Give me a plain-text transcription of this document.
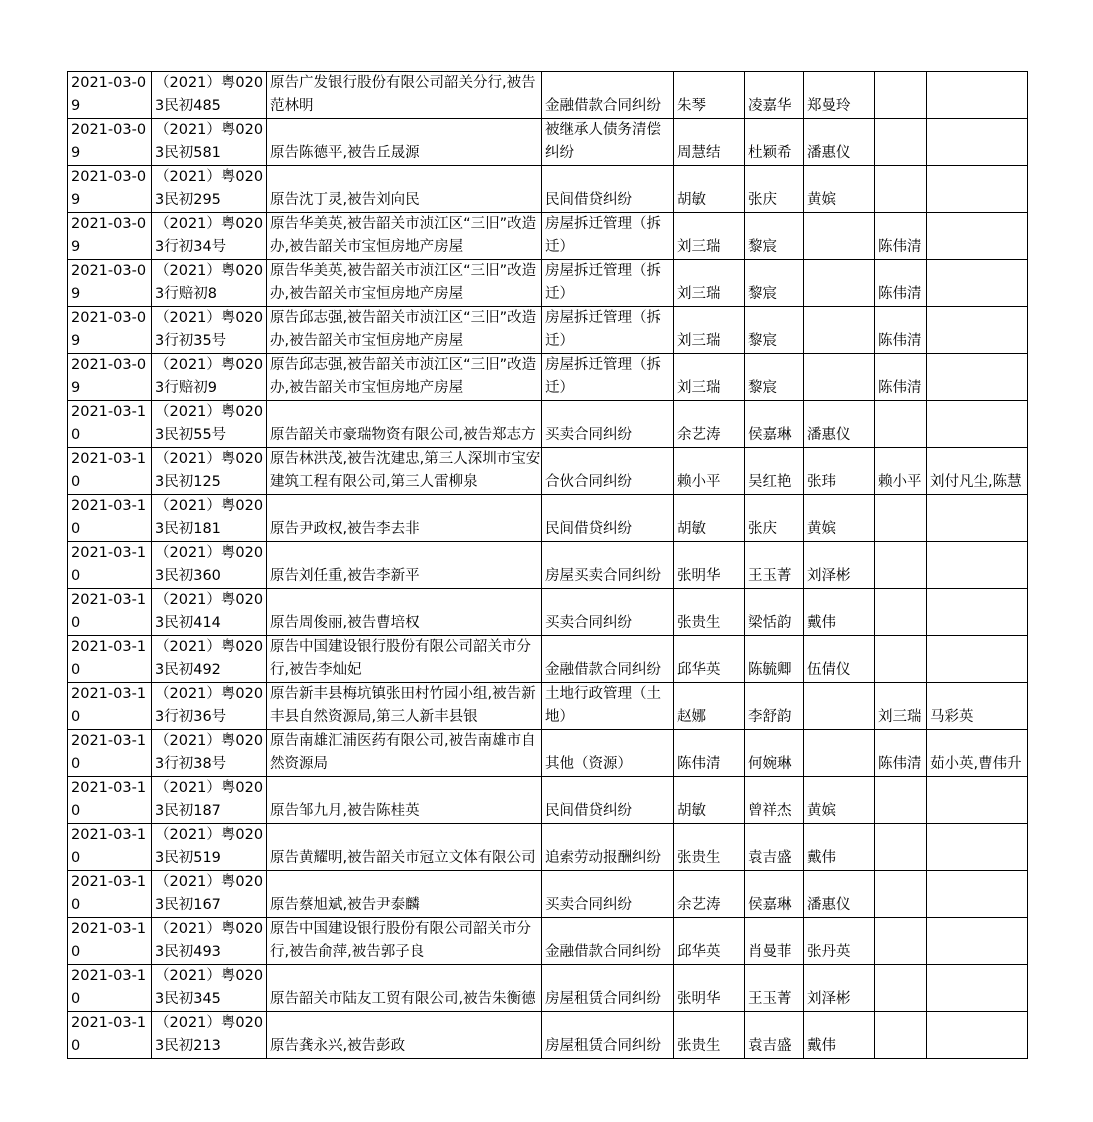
2021-03-09	（2021）粤0203民初485	原告广发银行股份有限公司韶关分行,被告范林明	金融借款合同纠纷	朱琴	凌嘉华	郑曼玲		

2021-03-09	（2021）粤0203民初581	原告陈德平,被告丘晟源	被继承人债务清偿纠纷	周慧结	杜颖希	潘惠仪		

2021-03-09	（2021）粤0203民初295	原告沈丁灵,被告刘向民	民间借贷纠纷	胡敏	张庆	黄嫔		

2021-03-09	（2021）粤0203行初34号	原告华美英,被告韶关市浈江区“三旧”改造办,被告韶关市宝恒房地产房屋	房屋拆迁管理（拆迁）	刘三瑞	黎宸		陈伟清	

2021-03-09	（2021）粤0203行赔初8	原告华美英,被告韶关市浈江区“三旧”改造办,被告韶关市宝恒房地产房屋	房屋拆迁管理（拆迁）	刘三瑞	黎宸		陈伟清	

2021-03-09	（2021）粤0203行初35号	原告邱志强,被告韶关市浈江区“三旧”改造办,被告韶关市宝恒房地产房屋	房屋拆迁管理（拆迁）	刘三瑞	黎宸		陈伟清	

2021-03-09	（2021）粤0203行赔初9	原告邱志强,被告韶关市浈江区“三旧”改造办,被告韶关市宝恒房地产房屋	房屋拆迁管理（拆迁）	刘三瑞	黎宸		陈伟清	

2021-03-10	（2021）粤0203民初55号	原告韶关市豪瑞物资有限公司,被告郑志方	买卖合同纠纷	余艺涛	侯嘉琳	潘惠仪		

2021-03-10	（2021）粤0203民初125	原告林洪茂,被告沈建忠,第三人深圳市宝安建筑工程有限公司,第三人雷柳泉	合伙合同纠纷	赖小平	吴红艳	张玮	赖小平	刘付凡尘,陈慧

2021-03-10	（2021）粤0203民初181	原告尹政权,被告李去非	民间借贷纠纷	胡敏	张庆	黄嫔		

2021-03-10	（2021）粤0203民初360	原告刘任重,被告李新平	房屋买卖合同纠纷	张明华	王玉菁	刘泽彬		

2021-03-10	（2021）粤0203民初414	原告周俊丽,被告曹培权	买卖合同纠纷	张贵生	梁恬韵	戴伟		

2021-03-10	（2021）粤0203民初492	原告中国建设银行股份有限公司韶关市分行,被告李灿妃	金融借款合同纠纷	邱华英	陈毓卿	伍倩仪		

2021-03-10	（2021）粤0203行初36号	原告新丰县梅坑镇张田村竹园小组,被告新丰县自然资源局,第三人新丰县银	土地行政管理（土地）	赵娜	李舒韵		刘三瑞	马彩英

2021-03-10	（2021）粤0203行初38号	原告南雄汇浦医药有限公司,被告南雄市自然资源局	其他（资源）	陈伟清	何婉琳		陈伟清	茹小英,曹伟升

2021-03-10	（2021）粤0203民初187	原告邹九月,被告陈桂英	民间借贷纠纷	胡敏	曾祥杰	黄嫔		

2021-03-10	（2021）粤0203民初519	原告黄耀明,被告韶关市冠立文体有限公司	追索劳动报酬纠纷	张贵生	袁吉盛	戴伟		

2021-03-10	（2021）粤0203民初167	原告蔡旭斌,被告尹泰麟	买卖合同纠纷	余艺涛	侯嘉琳	潘惠仪		

2021-03-10	（2021）粤0203民初493	原告中国建设银行股份有限公司韶关市分行,被告俞萍,被告郭子良	金融借款合同纠纷	邱华英	肖曼菲	张丹英		

2021-03-10	（2021）粤0203民初345	原告韶关市陆友工贸有限公司,被告朱衡德	房屋租赁合同纠纷	张明华	王玉菁	刘泽彬		

2021-03-10	（2021）粤0203民初213	原告龚永兴,被告彭政	房屋租赁合同纠纷	张贵生	袁吉盛	戴伟		
